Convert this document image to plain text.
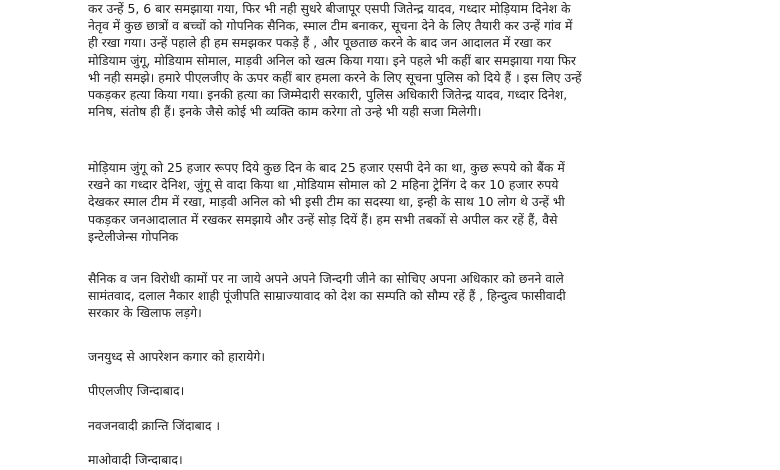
कर उन्हें 5, 6 बार समझाया गया, फिर भी नही सुधरे बीजापूर एसपी जितेन्द्र यादव, गध्दार मोड़ियाम दिनेश के
नेतृव में कुछ छात्रों व बच्चों को गोपनिक सैनिक, स्माल टीम बनाकर, सूचना देने के लिए तैयारी कर उन्हें गांव में
ही रखा गया। उन्हें पहाले ही हम समझकर पकड़े हैं , और पूछताछ करने के बाद जन आदालत में रखा कर
मोडियाम जुंगू, मोडियाम सोमाल, माड़वी अनिल को खत्म किया गया। इने पहले भी कहीं बार समझाया गया फिर
भी नही समझे। हमारे पीएलजीए के ऊपर कहीं बार हमला करने के लिए सूचना पुलिस को दिये हैं । इस लिए उन्हें
पकड़कर हत्या किया गया। इनकी हत्या का जिम्मेदारी सरकारी, पुलिस अधिकारी जितेन्द्र यादव, गध्दार दिनेश,
मनिष, संतोष ही हैं। इनके जैसे कोई भी व्यक्ति काम करेगा तो उन्हे भी यही सजा मिलेगी।
मोड़ियाम जुंगू को 25 हजार रूपए दिये कुछ दिन के बाद 25 हजार एसपी देने का था, कुछ रूपये को बैंक में
रखने का गध्दार देनिश, जुंगू से वादा किया था ,मोडियाम सोमाल को 2 महिना ट्रेनिंग दे कर 10 हजार रुपये
देखकर स्माल टीम में रखा, माड़वी अनिल को भी इसी टीम का सदस्या था, इन्ही के साथ 10 लोग थे उन्हें भी
पकड़कर जनआदालात में रखकर समझाये और उन्हें सोड़ दियें हैं। हम सभी तबकों से अपील कर रहें हैं, वैसे
इन्टेलीजेन्स गोपनिक
सैनिक व जन विरोधी कामों पर ना जाये अपने अपने जिन्दगी जीने का सोचिए अपना अधिकार को छनने वाले
सामंतवाद, दलाल नैकार शाही पूंजीपति साम्राज्यावाद को देश का सम्पति को सौम्प रहें हैं , हिन्दुत्व फासीवादी
सरकार के खिलाफ लड़गे।
जनयुध्द से आपरेशन कगार को हारायेगे।
पीएलजीए जिन्दाबाद।
नवजनवादी क्रान्ति जिंदाबाद ।
माओवादी जिन्दाबाद।
